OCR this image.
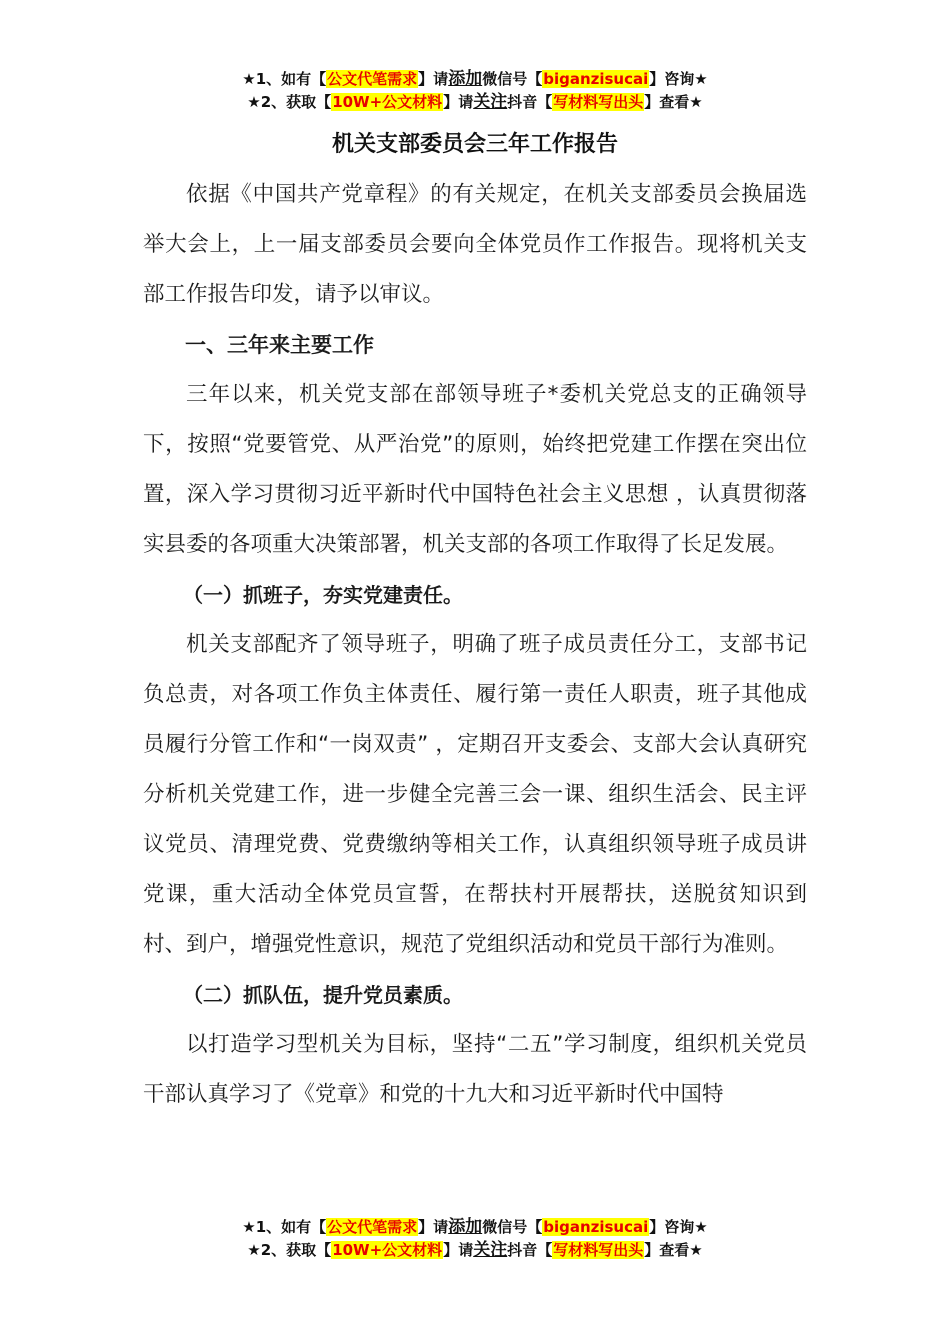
★1、如有【公文代笔需求】请添加微信号【biganzisucai】咨询★
★2、获取【10W+公文材料】请关注抖音【写材料写出头】查看★
机关支部委员会三年工作报告

依据《中国共产党章程》的有关规定，在机关支部委员会换届选举大会上，上一届支部委员会要向全体党员作工作报告。现将机关支部工作报告印发，请予以审议。

一、三年来主要工作

三年以来，机关党支部在部领导班子*委机关党总支的正确领导下，按照“党要管党、从严治党”的原则，始终把党建工作摆在突出位置，深入学习贯彻习近平新时代中国特色社会主义思想 ，认真贯彻落实县委的各项重大决策部署，机关支部的各项工作取得了长足发展。

（一）抓班子，夯实党建责任。

机关支部配齐了领导班子，明确了班子成员责任分工，支部书记负总责，对各项工作负主体责任、履行第一责任人职责，班子其他成员履行分管工作和“一岗双责” ，定期召开支委会、支部大会认真研究分析机关党建工作，进一步健全完善三会一课、组织生活会、民主评议党员、清理党费、党费缴纳等相关工作，认真组织领导班子成员讲党课，重大活动全体党员宣誓，在帮扶村开展帮扶，送脱贫知识到村、到户，增强党性意识，规范了党组织活动和党员干部行为准则。

（二）抓队伍，提升党员素质。

以打造学习型机关为目标，坚持“二五”学习制度，组织机关党员干部认真学习了《党章》和党的十九大和习近平新时代中国特

★1、如有【公文代笔需求】请添加微信号【biganzisucai】咨询★
★2、获取【10W+公文材料】请关注抖音【写材料写出头】查看★
